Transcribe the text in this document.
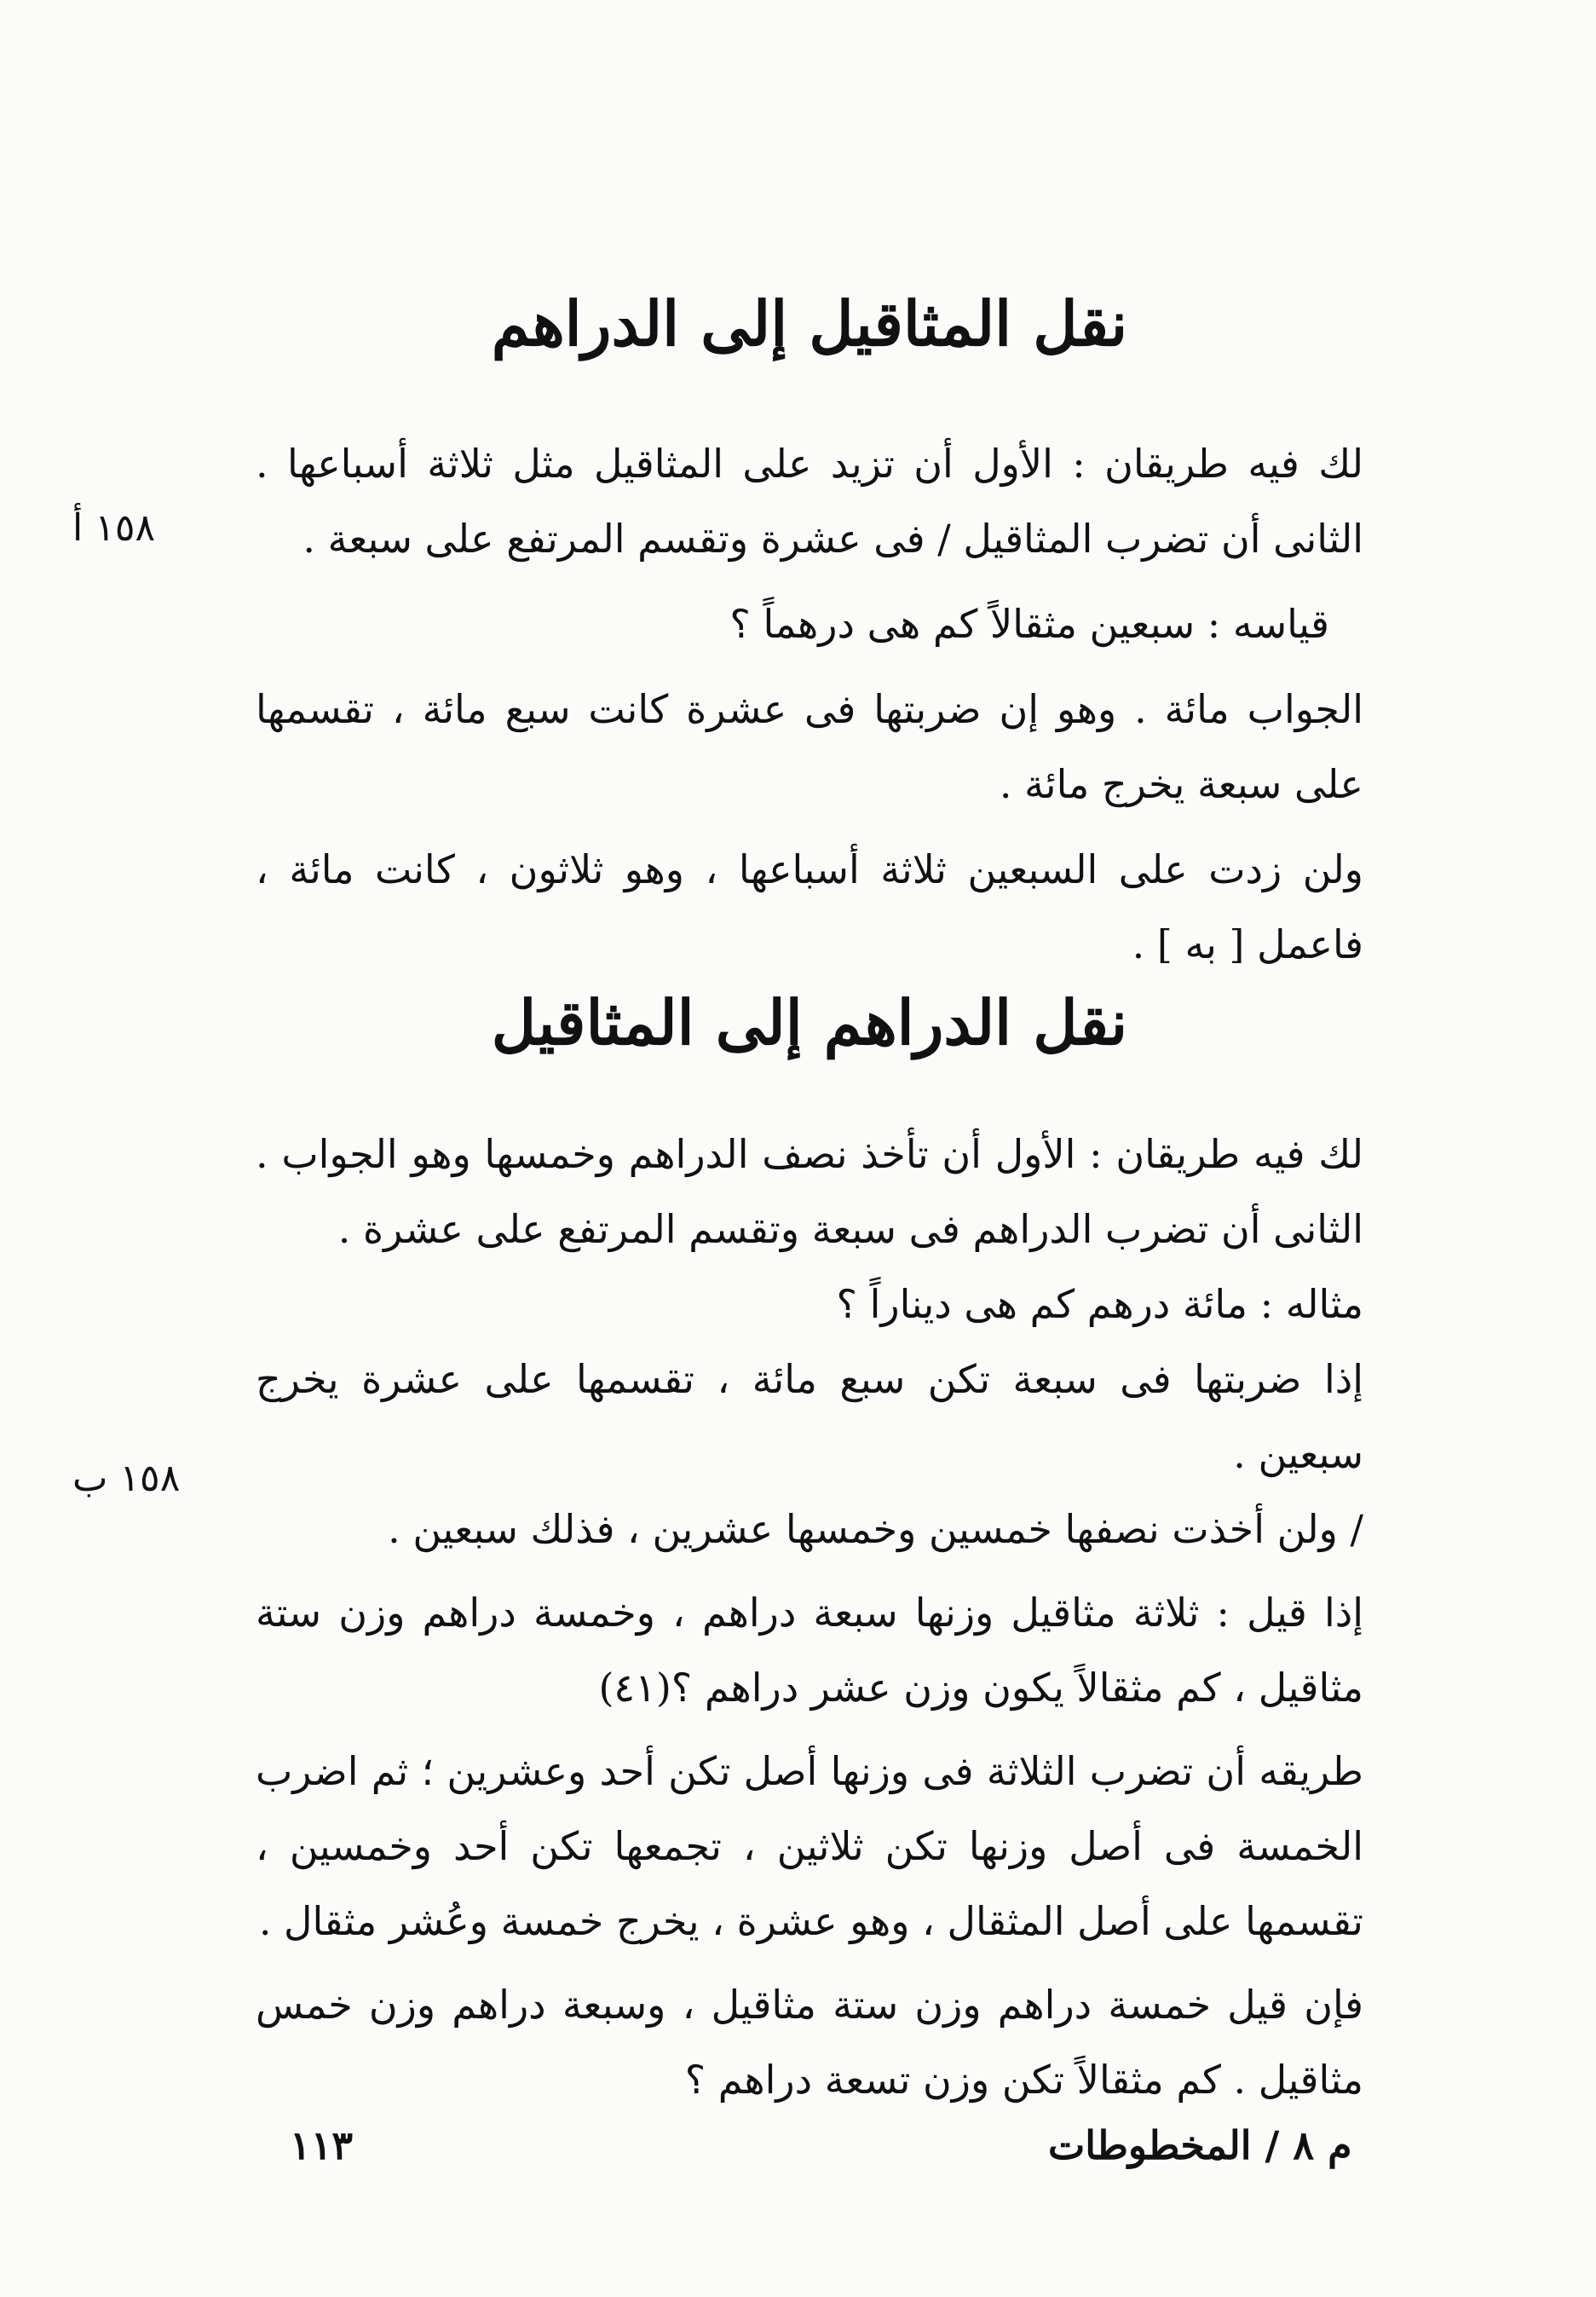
نقل المثاقيل إلى الدراهم

لك فيه طريقان : الأول أن تزيد على المثاقيل مثل ثلاثة أسباعها . الثانى أن تضرب المثاقيل / فى عشرة وتقسم المرتفع على سبعة .

قياسه : سبعين مثقالاً كم هى درهماً ؟

الجواب مائة . وهو إن ضربتها فى عشرة كانت سبع مائة ، تقسمها على سبعة يخرج مائة .

ولن زدت على السبعين ثلاثة أسباعها ، وهو ثلاثون ، كانت مائة ، فاعمل [ به ] .

١٥٨ أ
نقل الدراهم إلى المثاقيل

لك فيه طريقان : الأول أن تأخذ نصف الدراهم وخمسها وهو الجواب . الثانى أن تضرب الدراهم فى سبعة وتقسم المرتفع على عشرة .

مثاله : مائة درهم كم هى ديناراً ؟

إذا ضربتها فى سبعة تكن سبع مائة ، تقسمها على عشرة يخرج سبعين .

/ ولن أخذت نصفها خمسين وخمسها عشرين ، فذلك سبعين .

إذا قيل : ثلاثة مثاقيل وزنها سبعة دراهم ، وخمسة دراهم وزن ستة مثاقيل ، كم مثقالاً يكون وزن عشر دراهم ؟(٤١)

طريقه أن تضرب الثلاثة فى وزنها أصل تكن أحد وعشرين ؛ ثم اضرب الخمسة فى أصل وزنها تكن ثلاثين ، تجمعها تكن أحد وخمسين ، تقسمها على أصل المثقال ، وهو عشرة ، يخرج خمسة وعُشر مثقال .

فإن قيل خمسة دراهم وزن ستة مثاقيل ، وسبعة دراهم وزن خمس مثاقيل . كم مثقالاً تكن وزن تسعة دراهم ؟

١٥٨ ب
١١٣	م ٨ / المخطوطات
